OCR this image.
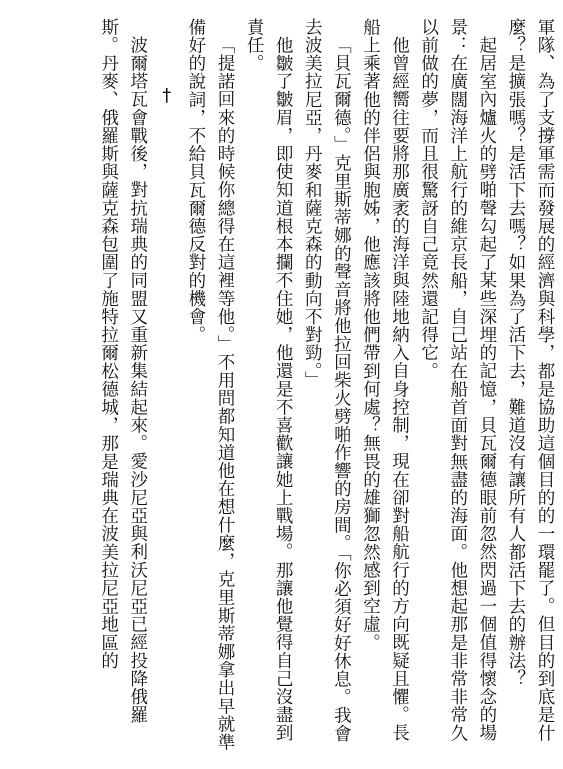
軍隊、為了支撐軍需而發展的經濟與科學，都是協助這個目的的一環罷了。但目的到底是什麼？是擴張嗎？是活下去嗎？如果為了活下去，難道沒有讓所有人都活下去的辦法？

起居室內爐火的劈啪聲勾起了某些深埋的記憶，貝瓦爾德眼前忽然閃過一個值得懷念的場景：在廣闊海洋上航行的維京長船，自己站在船首面對無盡的海面。他想起那是非常非常久以前做的夢，而且很驚訝自己竟然還記得它。

他曾經嚮往要將那廣袤的海洋與陸地納入自身控制，現在卻對船航行的方向既疑且懼。長船上乘著他的伴侶與胞姊，他應該將他們帶到何處？無畏的雄獅忽然感到空虛。

「貝瓦爾德。」克里斯蒂娜的聲音將他拉回柴火劈啪作響的房間。「你必須好好休息。我會去波美拉尼亞，丹麥和薩克森的動向不對勁。」

他皺了皺眉，即使知道根本攔不住她，他還是不喜歡讓她上戰場。那讓他覺得自己沒盡到責任。

「提諾回來的時候你總得在這裡等他。」不用問都知道他在想什麼，克里斯蒂娜拿出早就準備好的說詞，不給貝瓦爾德反對的機會。

†

波爾塔瓦會戰後，對抗瑞典的同盟又重新集結起來。愛沙尼亞與利沃尼亞已經投降俄羅斯。丹麥、俄羅斯與薩克森包圍了施特拉爾松德城，那是瑞典在波美拉尼亞地區的
